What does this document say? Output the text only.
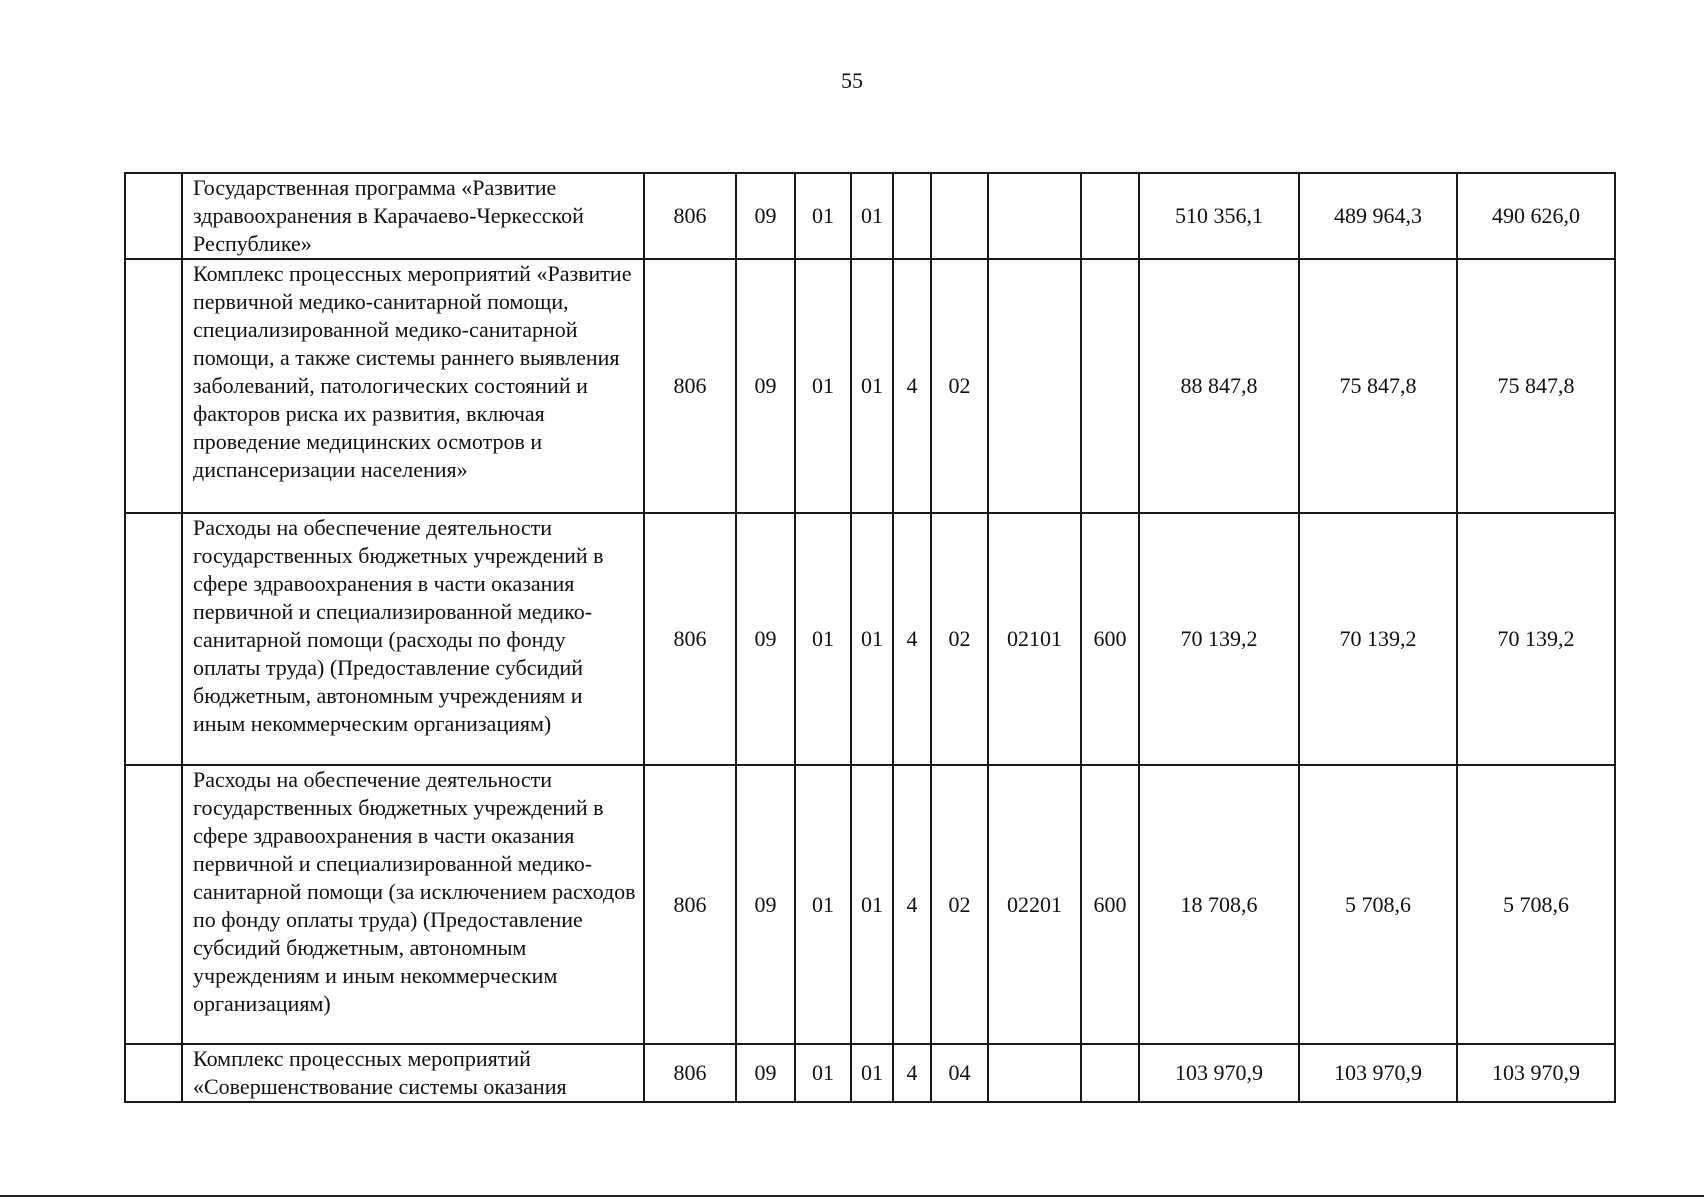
55
	Государственная программа «Развитие здравоохранения в Карачаево-Черкесской Республике»	806	09	01	01					510 356,1	489 964,3	490 626,0
	Комплекс процессных мероприятий «Развитие первичной медико-санитарной помощи, специализированной медико-санитарной помощи, а также системы раннего выявления заболеваний, патологических состояний и факторов риска их развития, включая проведение медицинских осмотров и диспансеризации населения»	806	09	01	01	4	02			88 847,8	75 847,8	75 847,8
	Расходы на обеспечение деятельности государственных бюджетных учреждений в сфере здравоохранения в части оказания первичной и специализированной медико-санитарной помощи (расходы по фонду оплаты труда) (Предоставление субсидий бюджетным, автономным учреждениям и иным некоммерческим организациям)	806	09	01	01	4	02	02101	600	70 139,2	70 139,2	70 139,2
	Расходы на обеспечение деятельности государственных бюджетных учреждений в сфере здравоохранения в части оказания первичной и специализированной медико-санитарной помощи (за исключением расходов по фонду оплаты труда) (Предоставление субсидий бюджетным, автономным учреждениям и иным некоммерческим организациям)	806	09	01	01	4	02	02201	600	18 708,6	5 708,6	5 708,6
	Комплекс процессных мероприятий «Совершенствование системы оказания	806	09	01	01	4	04			103 970,9	103 970,9	103 970,9
